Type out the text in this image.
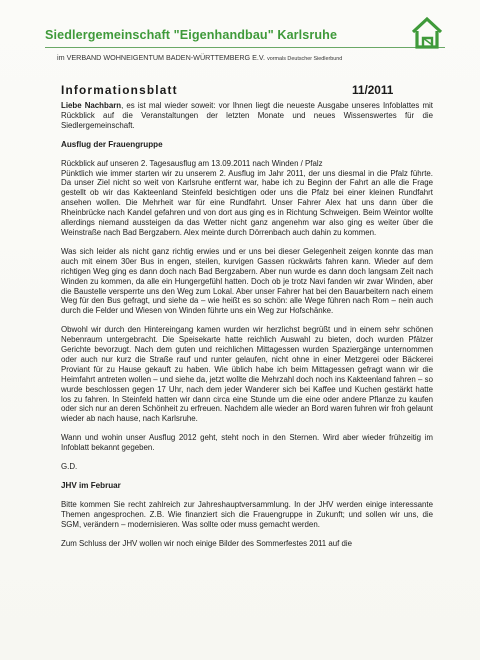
Siedlergemeinschaft "Eigenhandbau" Karlsruhe
im VERBAND WOHNEIGENTUM BADEN-WÜRTTEMBERG E.V. vormals Deutscher Siedlerbund
Informationsblatt	11/2011

Liebe Nachbarn, es ist mal wieder soweit: vor Ihnen liegt die neueste Ausgabe unseres Infoblattes mit Rückblick auf die Veranstaltungen der letzten Monate und neues Wissenswertes für die Siedlergemeinschaft.

Ausflug der Frauengruppe

Rückblick auf unseren 2. Tagesausflug am 13.09.2011 nach Winden / Pfalz

Pünktlich wie immer starten wir zu unserem 2. Ausflug im Jahr 2011, der uns diesmal in die Pfalz führte. Da unser Ziel nicht so weit von Karlsruhe entfernt war, habe ich zu Beginn der Fahrt an alle die Frage gestellt ob wir das Kakteenland Steinfeld besichtigen oder uns die Pfalz bei einer kleinen Rundfahrt ansehen wollen. Die Mehrheit war für eine Rundfahrt. Unser Fahrer Alex hat uns dann über die Rheinbrücke nach Kandel gefahren und von dort aus ging es in Richtung Schweigen. Beim Weintor wollte allerdings niemand aussteigen da das Wetter nicht ganz angenehm war also ging es weiter über die Weinstraße nach Bad Bergzabern. Alex meinte durch Dörrenbach auch dahin zu kommen.

Was sich leider als nicht ganz richtig erwies und er uns bei dieser Gelegenheit zeigen konnte das man auch mit einem 30er Bus in engen, steilen, kurvigen Gassen rückwärts fahren kann. Wieder auf dem richtigen Weg ging es dann doch nach Bad Bergzabern. Aber nun wurde es dann doch langsam Zeit nach Winden zu kommen, da alle ein Hungergefühl hatten. Doch ob je trotz Navi fanden wir zwar Winden, aber die Baustelle versperrte uns den Weg zum Lokal. Aber unser Fahrer hat bei den Bauarbeitern nach einem Weg für den Bus gefragt, und siehe da – wie heißt es so schön: alle Wege führen nach Rom – nein auch durch die Felder und Wiesen von Winden führte uns ein Weg zur Hofschänke.

Obwohl wir durch den Hintereingang kamen wurden wir herzlichst begrüßt und in einem sehr schönen Nebenraum untergebracht. Die Speisekarte hatte reichlich Auswahl zu bieten, doch wurden Pfälzer Gerichte bevorzugt. Nach dem guten und reichlichen Mittagessen wurden Spaziergänge unternommen oder auch nur kurz die Straße rauf und runter gelaufen, nicht ohne in einer Metzgerei oder Bäckerei Proviant für zu Hause gekauft zu haben. Wie üblich habe ich beim Mittagessen gefragt wann wir die Heimfahrt antreten wollen – und siehe da, jetzt wollte die Mehrzahl doch noch ins Kakteenland fahren – so wurde beschlossen gegen 17 Uhr, nach dem jeder Wanderer sich bei Kaffee und Kuchen gestärkt hatte los zu fahren. In Steinfeld hatten wir dann circa eine Stunde um die eine oder andere Pflanze zu kaufen oder sich nur an deren Schönheit zu erfreuen. Nachdem alle wieder an Bord waren fuhren wir froh gelaunt wieder ab nach hause, nach Karlsruhe.

Wann und wohin unser Ausflug 2012 geht, steht noch in den Sternen. Wird aber wieder frühzeitig im Infoblatt bekannt gegeben.

G.D.

JHV im Februar

Bitte kommen Sie recht zahlreich zur Jahreshauptversammlung. In der JHV werden einige interessante Themen angesprochen. Z.B. Wie finanziert sich die Frauengruppe in Zukunft; und sollen wir uns, die SGM, verändern – modernisieren. Was sollte oder muss gemacht werden.

Zum Schluss der JHV wollen wir noch einige Bilder des Sommerfestes 2011 auf die
